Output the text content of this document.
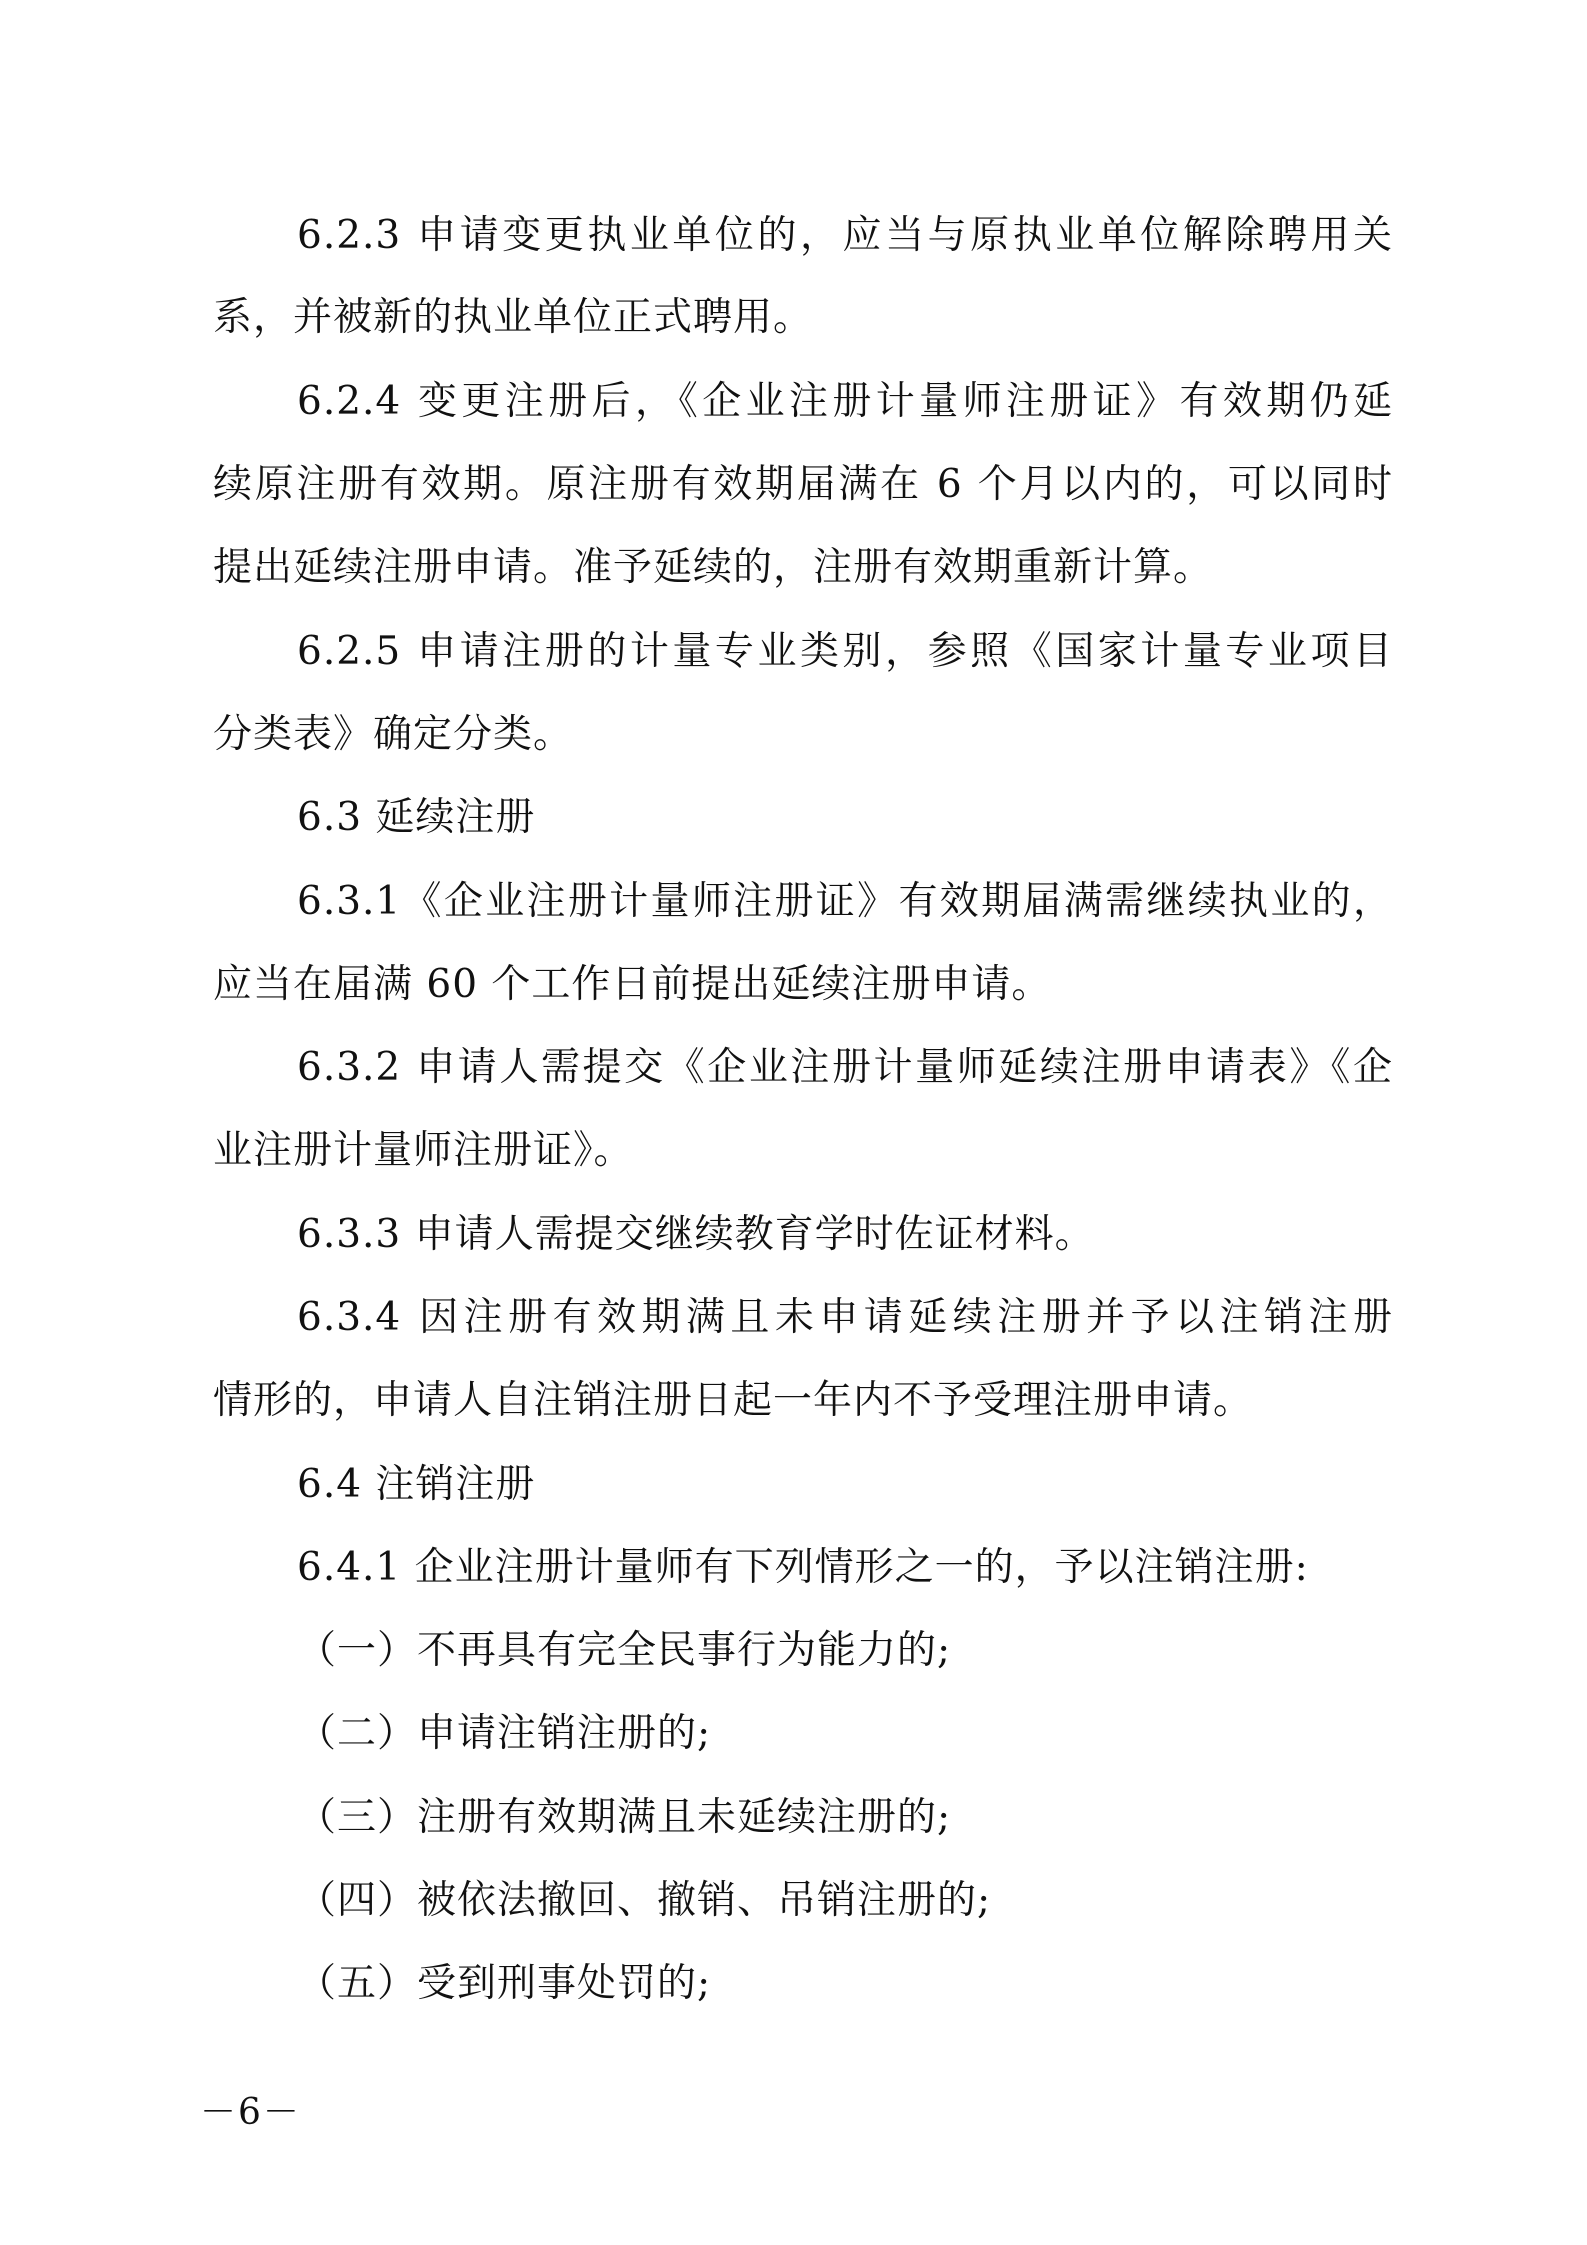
6.2.3 申请变更执业单位的，应当与原执业单位解除聘用关
系，并被新的执业单位正式聘用。
6.2.4 变更注册后，《企业注册计量师注册证》有效期仍延
续原注册有效期。原注册有效期届满在 6 个月以内的，可以同时
提出延续注册申请。准予延续的，注册有效期重新计算。
6.2.5 申请注册的计量专业类别，参照《国家计量专业项目
分类表》确定分类。
6.3 延续注册
6.3.1《企业注册计量师注册证》有效期届满需继续执业的，
应当在届满 60 个工作日前提出延续注册申请。
6.3.2 申请人需提交《企业注册计量师延续注册申请表》《企
业注册计量师注册证》。
6.3.3 申请人需提交继续教育学时佐证材料。
6.3.4 因注册有效期满且未申请延续注册并予以注销注册
情形的，申请人自注销注册日起一年内不予受理注册申请。
6.4 注销注册
6.4.1 企业注册计量师有下列情形之一的，予以注销注册:
（一）不再具有完全民事行为能力的;
（二）申请注销注册的;
（三）注册有效期满且未延续注册的;
（四）被依法撤回、撤销、吊销注册的;
（五）受到刑事处罚的;
－6－
